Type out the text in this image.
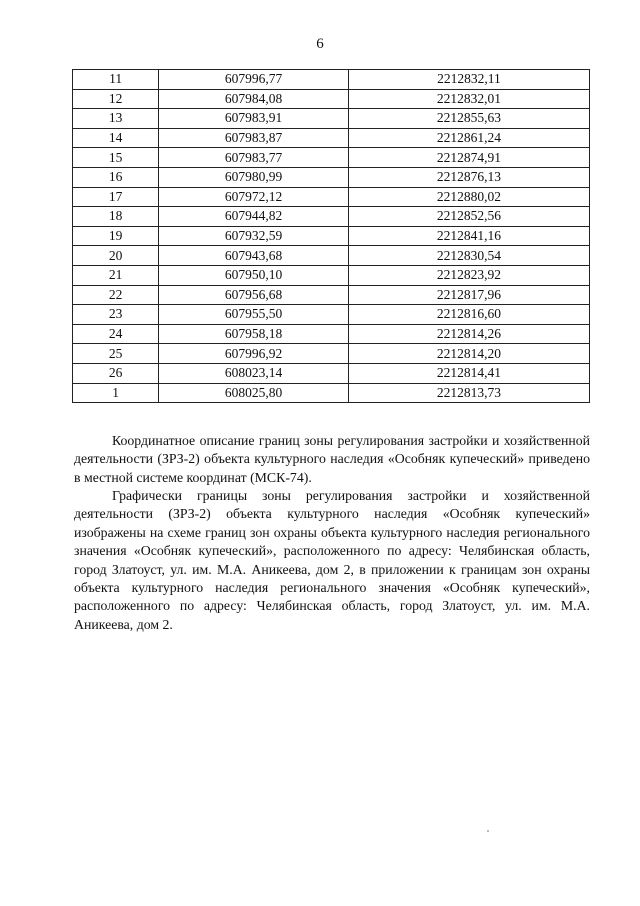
6
11	607996,77	2212832,11
12	607984,08	2212832,01
13	607983,91	2212855,63
14	607983,87	2212861,24
15	607983,77	2212874,91
16	607980,99	2212876,13
17	607972,12	2212880,02
18	607944,82	2212852,56
19	607932,59	2212841,16
20	607943,68	2212830,54
21	607950,10	2212823,92
22	607956,68	2212817,96
23	607955,50	2212816,60
24	607958,18	2212814,26
25	607996,92	2212814,20
26	608023,14	2212814,41
1	608025,80	2212813,73

Координатное описание границ зоны регулирования застройки и хозяйственной деятельности (ЗРЗ-2) объекта культурного наследия «Особняк купеческий» приведено в местной системе координат (МСК-74).

Графически границы зоны регулирования застройки и хозяйственной деятельности (ЗРЗ-2) объекта культурного наследия «Особняк купеческий» изображены на схеме границ зон охраны объекта культурного наследия регионального значения «Особняк купеческий», расположенного по адресу: Челябинская область, город Златоуст, ул. им. М.А. Аникеева, дом 2, в приложении к границам зон охраны объекта культурного наследия регионального значения «Особняк купеческий», расположенного по адресу: Челябинская область, город Златоуст, ул. им. М.А. Аникеева, дом 2.
